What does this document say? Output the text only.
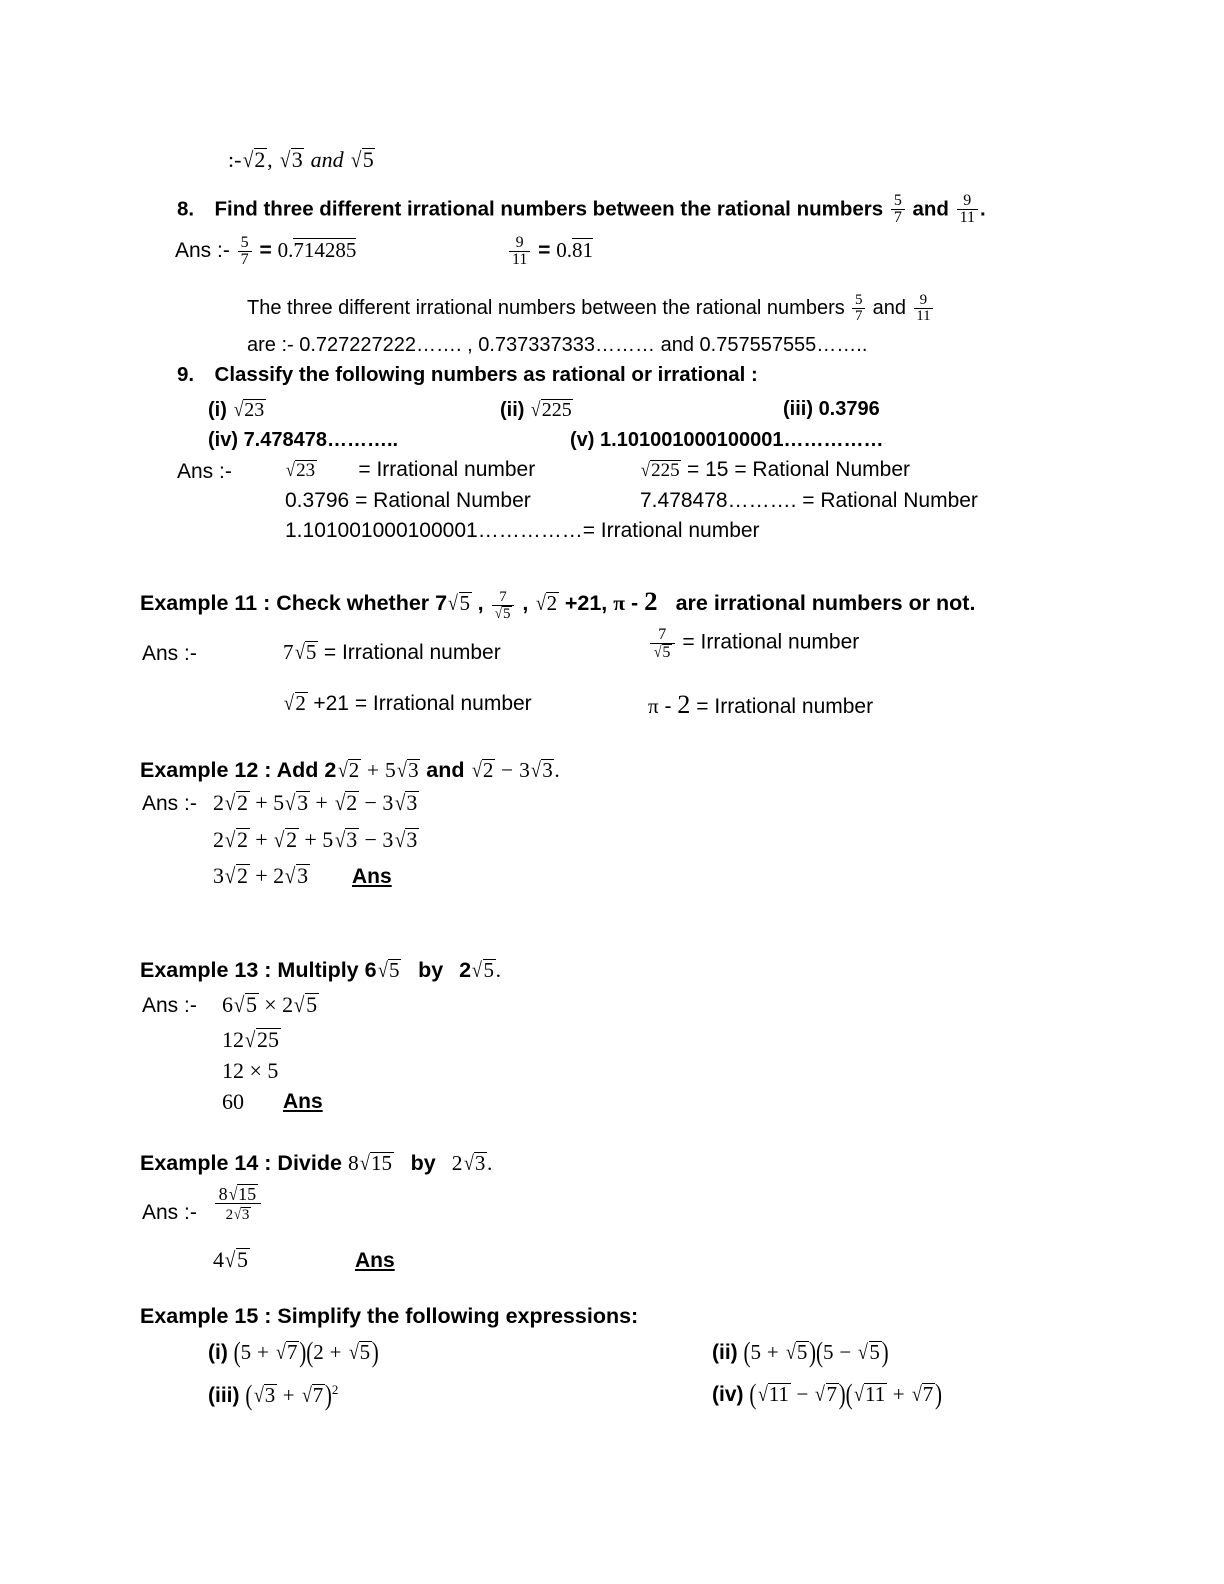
:-√2, √3 and √5
8. Find three different irrational numbers between the rational numbers $\frac{5}{7}$ and $\frac{9}{11}$ .
Ans :- $\frac{5}{7} = 0.714285$	$\frac{9}{11} = 0.81$
The three different irrational numbers between the rational numbers $\frac{5}{7}$ and $\frac{9}{11}$
are :- 0.727227222……. , 0.737337333……… and 0.757557555……..
9. Classify the following numbers as rational or irrational :
(i) √23	(ii) √225	(iii) 0.3796
(iv) 7.478478………..	(v) 1.101001000100001……………
Ans :-	√23 = Irrational number	√225 = 15 = Rational Number
0.3796 = Rational Number	7.478478………. = Rational Number
1.101001000100001……………= Irrational number
Example 11 : Check whether 7√5 , $\frac{7}{√5}$ , √2 +21, π - 2 are irrational numbers or not.
Ans :-	7√5 = Irrational number	$\frac{7}{√5}$ = Irrational number
√2 +21 = Irrational number	π - 2 = Irrational number
Example 12 : Add 2√2 + 5√3 and √2 − 3√3.
Ans :- 2√2 + 5√3 + √2 − 3√3
2√2 + √2 + 5√3 − 3√3
3√2 + 2√3 Ans
Example 13 : Multiply 6√5 by 2√5.
Ans :- 6√5 × 2√5
12√25
12 × 5
60 Ans
Example 14 : Divide 8√15 by 2√3.
Ans :- $\frac{8√15}{2√3}$
4√5	Ans
Example 15 : Simplify the following expressions:
(i) (5 + √7)(2 + √5)	(ii) (5 + √5)(5 − √5)
(iii) $(√3 + √7)^2$	(iv) (√11 − √7)(√11 + √7)
